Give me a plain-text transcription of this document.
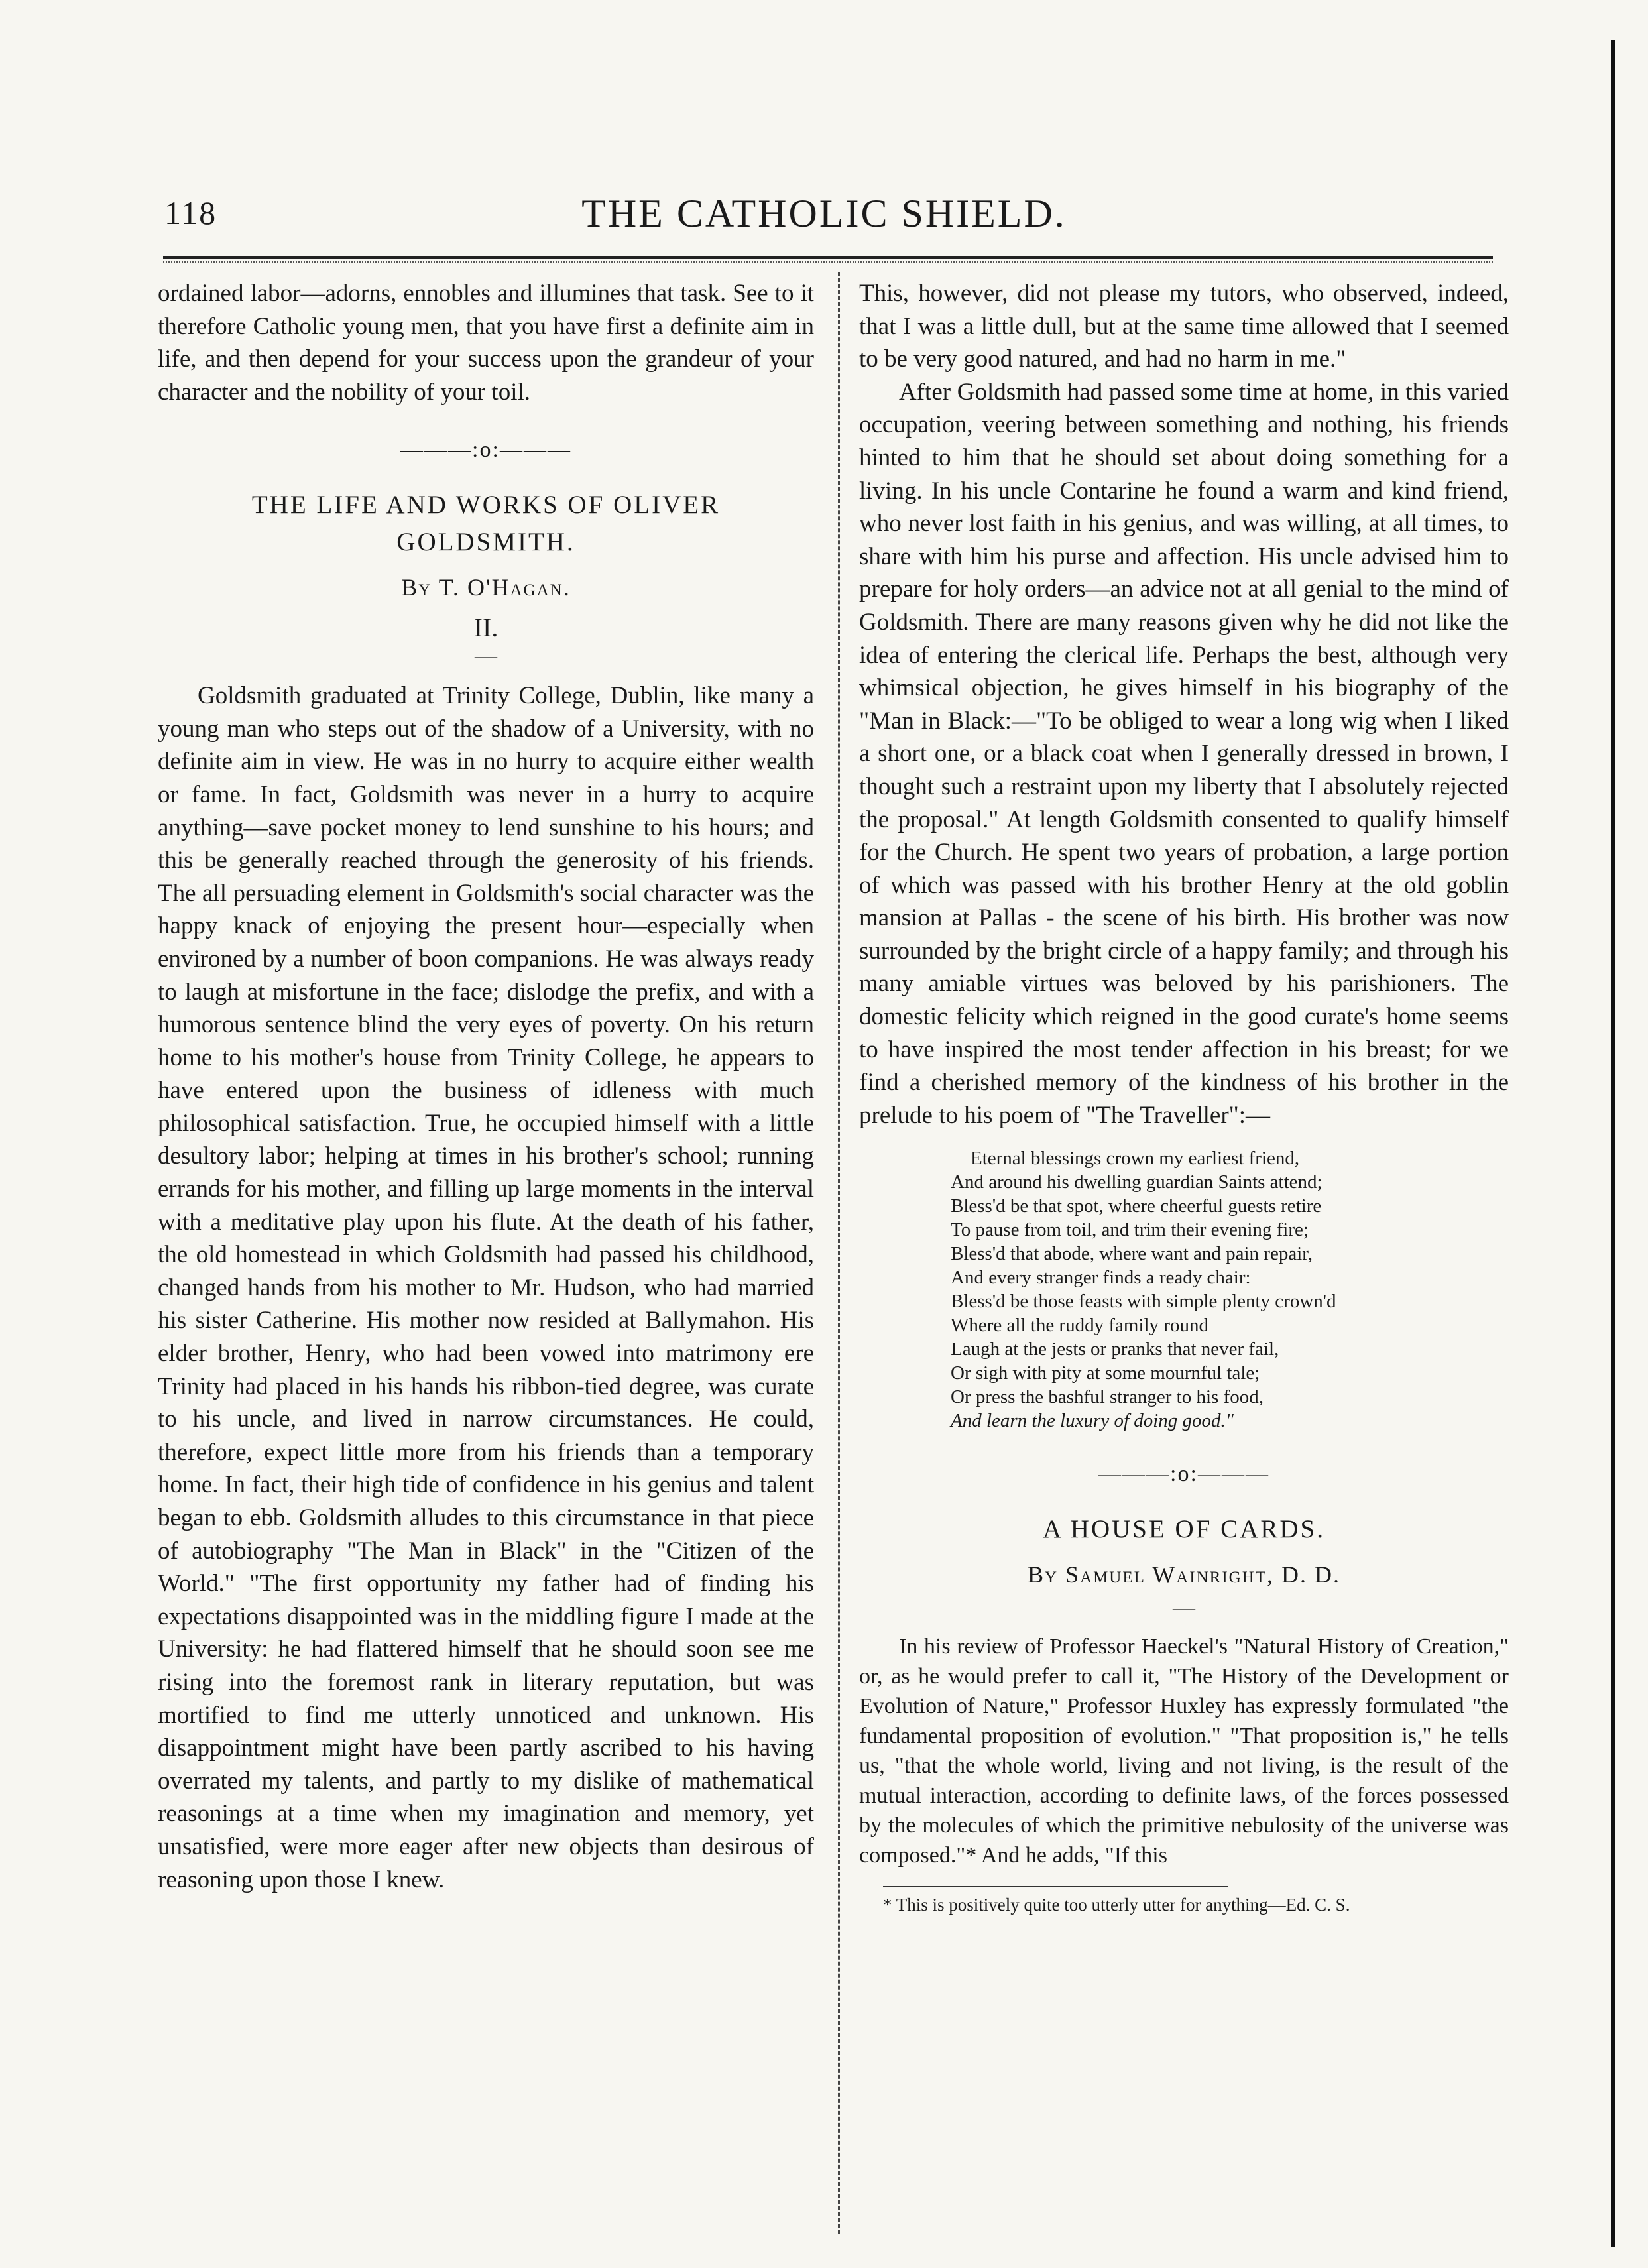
118	THE CATHOLIC SHIELD.

ordained labor—adorns, ennobles and illumines that task. See to it therefore Catholic young men, that you have first a definite aim in life, and then depend for your success upon the grandeur of your character and the nobility of your toil.

———:o:———
THE LIFE AND WORKS OF OLIVER GOLDSMITH.
By T. O'Hagan.
II.
—

Goldsmith graduated at Trinity College, Dublin, like many a young man who steps out of the shadow of a University, with no definite aim in view. He was in no hurry to acquire either wealth or fame. In fact, Goldsmith was never in a hurry to acquire anything—save pocket money to lend sunshine to his hours; and this be generally reached through the generosity of his friends. The all persuading element in Goldsmith's social character was the happy knack of enjoying the present hour—especially when environed by a number of boon companions. He was always ready to laugh at misfortune in the face; dislodge the prefix, and with a humorous sentence blind the very eyes of poverty. On his return home to his mother's house from Trinity College, he appears to have entered upon the business of idleness with much philosophical satisfaction. True, he occupied himself with a little desultory labor; helping at times in his brother's school; running errands for his mother, and filling up large moments in the interval with a meditative play upon his flute. At the death of his father, the old homestead in which Goldsmith had passed his childhood, changed hands from his mother to Mr. Hudson, who had married his sister Catherine. His mother now resided at Ballymahon. His elder brother, Henry, who had been vowed into matrimony ere Trinity had placed in his hands his ribbon-tied degree, was curate to his uncle, and lived in narrow circumstances. He could, therefore, expect little more from his friends than a temporary home. In fact, their high tide of confidence in his genius and talent began to ebb. Goldsmith alludes to this circumstance in that piece of autobiography "The Man in Black" in the "Citizen of the World." "The first opportunity my father had of finding his expectations disappointed was in the middling figure I made at the University: he had flattered himself that he should soon see me rising into the foremost rank in literary reputation, but was mortified to find me utterly unnoticed and unknown. His disappointment might have been partly ascribed to his having overrated my talents, and partly to my dislike of mathematical reasonings at a time when my imagination and memory, yet unsatisfied, were more eager after new objects than desirous of reasoning upon those I knew.

This, however, did not please my tutors, who observed, indeed, that I was a little dull, but at the same time allowed that I seemed to be very good natured, and had no harm in me."

After Goldsmith had passed some time at home, in this varied occupation, veering between something and nothing, his friends hinted to him that he should set about doing something for a living. In his uncle Contarine he found a warm and kind friend, who never lost faith in his genius, and was willing, at all times, to share with him his purse and affection. His uncle advised him to prepare for holy orders—an advice not at all genial to the mind of Goldsmith. There are many reasons given why he did not like the idea of entering the clerical life. Perhaps the best, although very whimsical objection, he gives himself in his biography of the "Man in Black:—"To be obliged to wear a long wig when I liked a short one, or a black coat when I generally dressed in brown, I thought such a restraint upon my liberty that I absolutely rejected the proposal." At length Goldsmith consented to qualify himself for the Church. He spent two years of probation, a large portion of which was passed with his brother Henry at the old goblin mansion at Pallas - the scene of his birth. His brother was now surrounded by the bright circle of a happy family; and through his many amiable virtues was beloved by his parishioners. The domestic felicity which reigned in the good curate's home seems to have inspired the most tender affection in his breast; for we find a cherished memory of the kindness of his brother in the prelude to his poem of "The Traveller":—

Eternal blessings crown my earliest friend,
And around his dwelling guardian Saints attend;
Bless'd be that spot, where cheerful guests retire
To pause from toil, and trim their evening fire;
Bless'd that abode, where want and pain repair,
And every stranger finds a ready chair:
Bless'd be those feasts with simple plenty crown'd
Where all the ruddy family round
Laugh at the jests or pranks that never fail,
Or sigh with pity at some mournful tale;
Or press the bashful stranger to his food,
And learn the luxury of doing good."
———:o:———
A HOUSE OF CARDS.
By Samuel Wainright, D. D.
—

In his review of Professor Haeckel's "Natural History of Creation," or, as he would prefer to call it, "The History of the Development or Evolution of Nature," Professor Huxley has expressly formulated "the fundamental proposition of evolution." "That proposition is," he tells us, "that the whole world, living and not living, is the result of the mutual interaction, according to definite laws, of the forces possessed by the molecules of which the primitive nebulosity of the universe was composed."* And he adds, "If this

* This is positively quite too utterly utter for anything—Ed. C. S.
